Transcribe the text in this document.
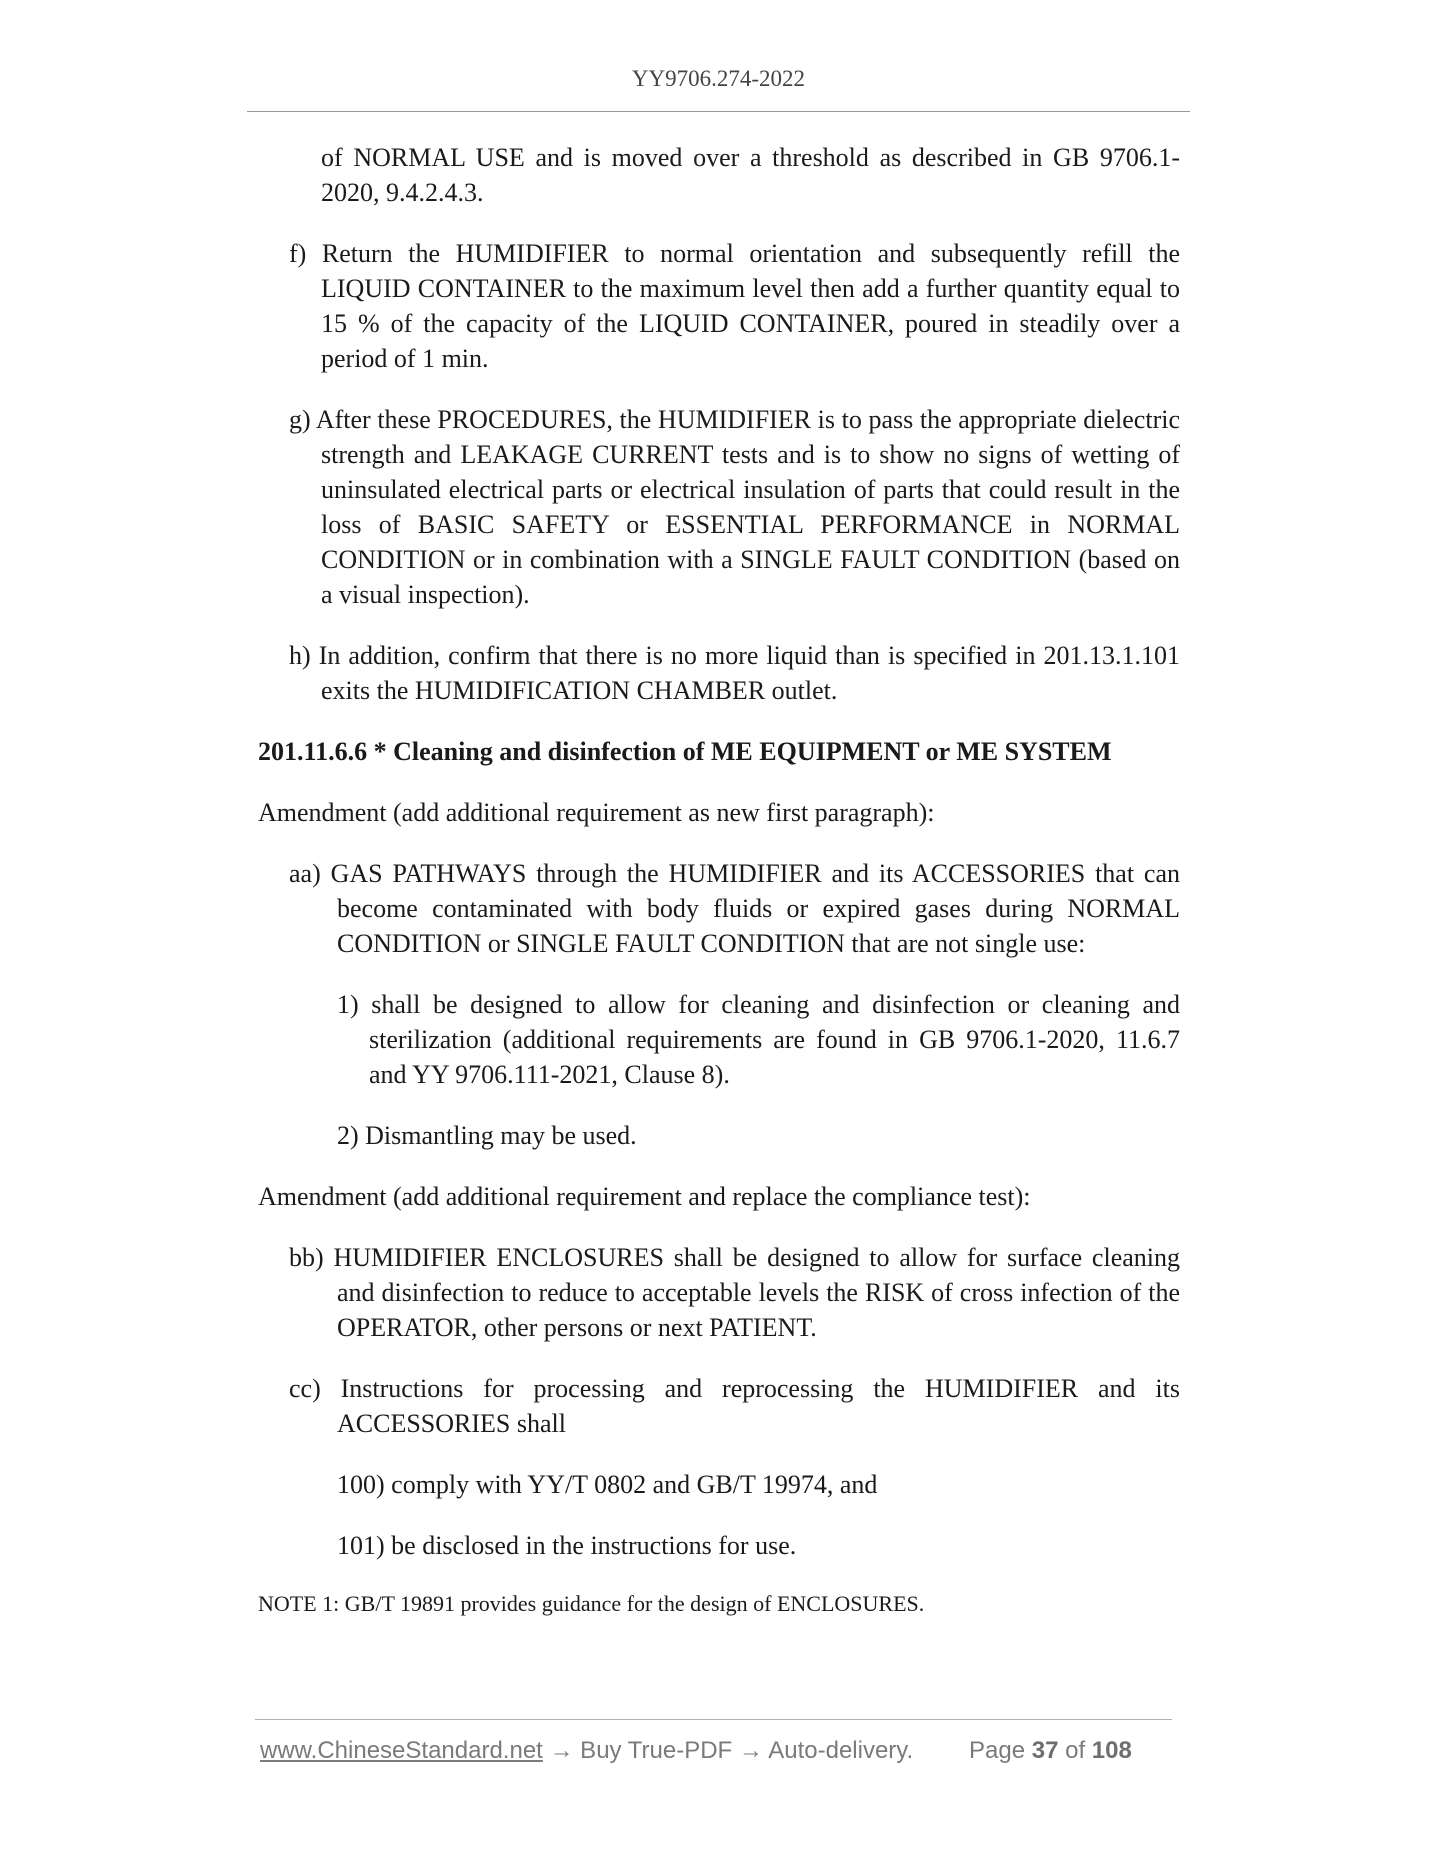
YY9706.274-2022

of NORMAL USE and is moved over a threshold as described in GB 9706.1-2020, 9.4.2.4.3.

f) Return the HUMIDIFIER to normal orientation and subsequently refill the LIQUID CONTAINER to the maximum level then add a further quantity equal to 15 % of the capacity of the LIQUID CONTAINER, poured in steadily over a period of 1 min.

g) After these PROCEDURES, the HUMIDIFIER is to pass the appropriate dielectric strength and LEAKAGE CURRENT tests and is to show no signs of wetting of uninsulated electrical parts or electrical insulation of parts that could result in the loss of BASIC SAFETY or ESSENTIAL PERFORMANCE in NORMAL CONDITION or in combination with a SINGLE FAULT CONDITION (based on a visual inspection).

h) In addition, confirm that there is no more liquid than is specified in 201.13.1.101 exits the HUMIDIFICATION CHAMBER outlet.

201.11.6.6 * Cleaning and disinfection of ME EQUIPMENT or ME SYSTEM

Amendment (add additional requirement as new first paragraph):

aa) GAS PATHWAYS through the HUMIDIFIER and its ACCESSORIES that can become contaminated with body fluids or expired gases during NORMAL CONDITION or SINGLE FAULT CONDITION that are not single use:

1) shall be designed to allow for cleaning and disinfection or cleaning and sterilization (additional requirements are found in GB 9706.1-2020, 11.6.7 and YY 9706.111-2021, Clause 8).

2) Dismantling may be used.

Amendment (add additional requirement and replace the compliance test):

bb) HUMIDIFIER ENCLOSURES shall be designed to allow for surface cleaning and disinfection to reduce to acceptable levels the RISK of cross infection of the OPERATOR, other persons or next PATIENT.

cc) Instructions for processing and reprocessing the HUMIDIFIER and its ACCESSORIES shall

100) comply with YY/T 0802 and GB/T 19974, and

101) be disclosed in the instructions for use.

NOTE 1: GB/T 19891 provides guidance for the design of ENCLOSURES.

www.ChineseStandard.net → Buy True-PDF → Auto-delivery. Page 37 of 108
